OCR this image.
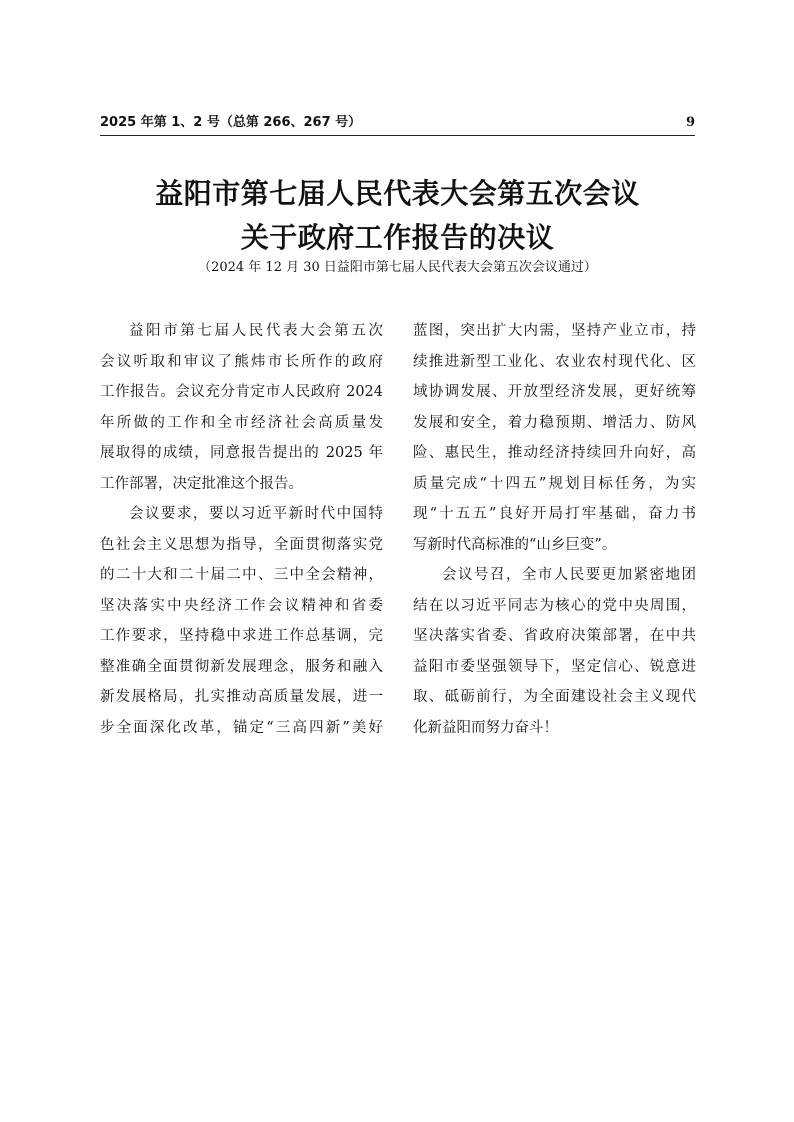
2025 年第 1、2 号（总第 266、267 号）	9
益阳市第七届人民代表大会第五次会议
关于政府工作报告的决议
（2024 年 12 月 30 日益阳市第七届人民代表大会第五次会议通过）
益阳市第七届人民代表大会第五次
会议听取和审议了熊炜市长所作的政府
工作报告。会议充分肯定市人民政府 2024
年所做的工作和全市经济社会高质量发
展取得的成绩，同意报告提出的 2025 年
工作部署，决定批准这个报告。
会议要求，要以习近平新时代中国特
色社会主义思想为指导，全面贯彻落实党
的二十大和二十届二中、三中全会精神，
坚决落实中央经济工作会议精神和省委
工作要求，坚持稳中求进工作总基调，完
整准确全面贯彻新发展理念，服务和融入
新发展格局，扎实推动高质量发展，进一
步全面深化改革，锚定“三高四新”美好
蓝图，突出扩大内需，坚持产业立市，持
续推进新型工业化、农业农村现代化、区
域协调发展、开放型经济发展，更好统筹
发展和安全，着力稳预期、增活力、防风
险、惠民生，推动经济持续回升向好，高
质量完成“十四五”规划目标任务，为实
现“十五五”良好开局打牢基础，奋力书
写新时代高标准的“山乡巨变”。
会议号召，全市人民要更加紧密地团
结在以习近平同志为核心的党中央周围，
坚决落实省委、省政府决策部署，在中共
益阳市委坚强领导下，坚定信心、锐意进
取、砥砺前行，为全面建设社会主义现代
化新益阳而努力奋斗！
